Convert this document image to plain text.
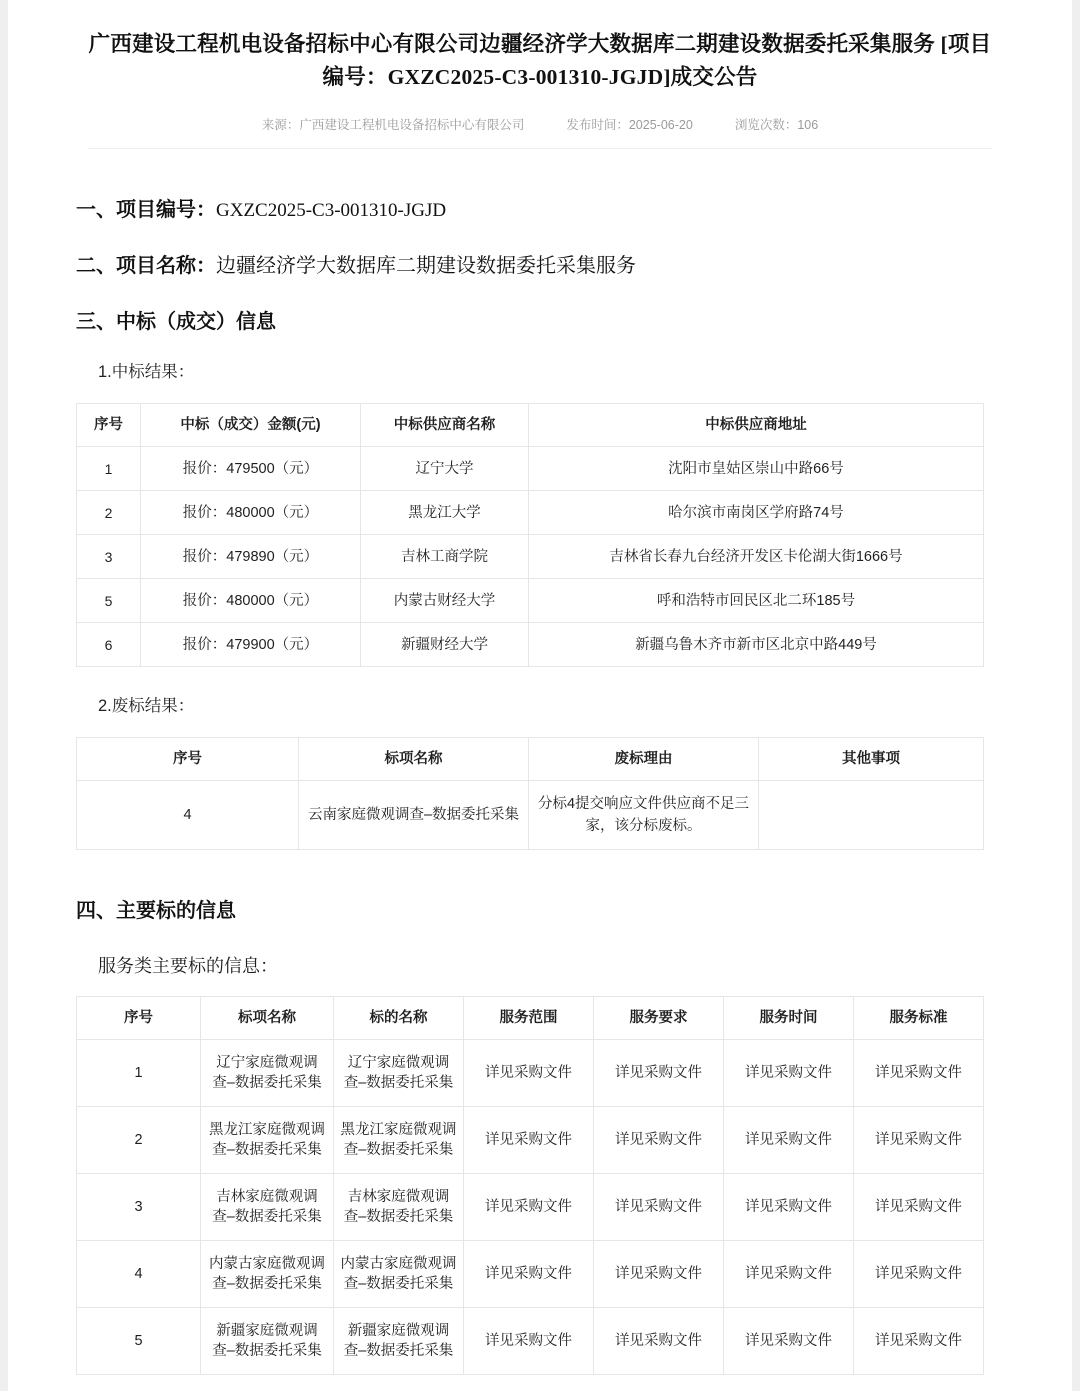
广西建设工程机电设备招标中心有限公司边疆经济学大数据库二期建设数据委托采集服务 [项目编号：GXZC2025-C3-001310-JGJD]成交公告
来源：广西建设工程机电设备招标中心有限公司	发布时间：2025-06-20	浏览次数：106

一、项目编号：GXZC2025-C3-001310-JGJD

二、项目名称：边疆经济学大数据库二期建设数据委托采集服务

三、中标（成交）信息

1.中标结果：

序号	中标（成交）金额(元)	中标供应商名称	中标供应商地址
1	报价：479500（元）	辽宁大学	沈阳市皇姑区崇山中路66号
2	报价：480000（元）	黑龙江大学	哈尔滨市南岗区学府路74号
3	报价：479890（元）	吉林工商学院	吉林省长春九台经济开发区卡伦湖大街1666号
5	报价：480000（元）	内蒙古财经大学	呼和浩特市回民区北二环185号
6	报价：479900（元）	新疆财经大学	新疆乌鲁木齐市新市区北京中路449号

2.废标结果：

序号	标项名称	废标理由	其他事项
4	云南家庭微观调查–数据委托采集	分标4提交响应文件供应商不足三家，该分标废标。	

四、主要标的信息

服务类主要标的信息：

序号	标项名称	标的名称	服务范围	服务要求	服务时间	服务标准
1	辽宁家庭微观调查–数据委托采集	辽宁家庭微观调查–数据委托采集	详见采购文件	详见采购文件	详见采购文件	详见采购文件
2	黑龙江家庭微观调查–数据委托采集	黑龙江家庭微观调查–数据委托采集	详见采购文件	详见采购文件	详见采购文件	详见采购文件
3	吉林家庭微观调查–数据委托采集	吉林家庭微观调查–数据委托采集	详见采购文件	详见采购文件	详见采购文件	详见采购文件
4	内蒙古家庭微观调查–数据委托采集	内蒙古家庭微观调查–数据委托采集	详见采购文件	详见采购文件	详见采购文件	详见采购文件
5	新疆家庭微观调查–数据委托采集	新疆家庭微观调查–数据委托采集	详见采购文件	详见采购文件	详见采购文件	详见采购文件
